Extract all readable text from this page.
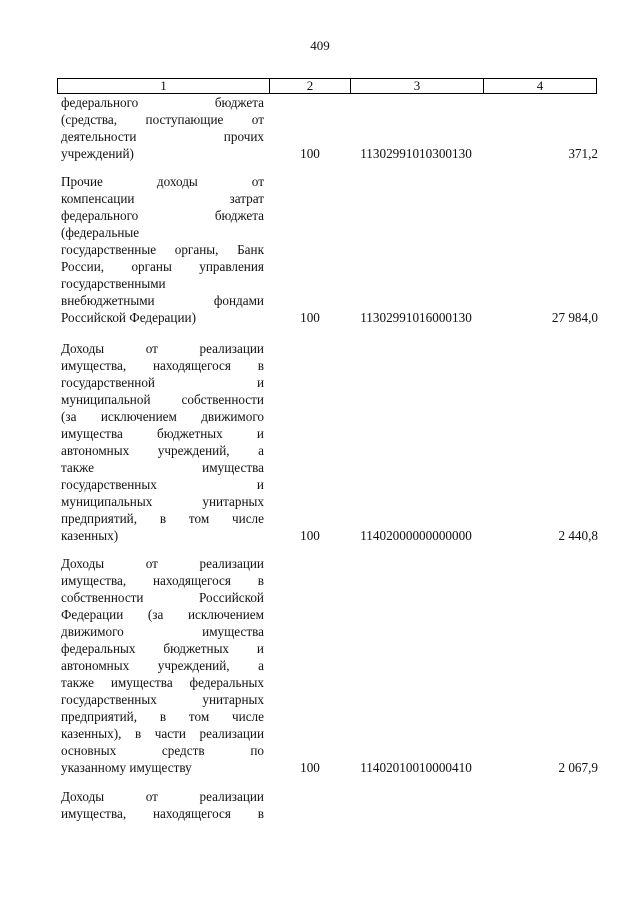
409
1	2	3	4
федерального бюджета
(средства, поступающие от
деятельности прочих
учреждений)	100	11302991010300130	371,2
Прочие доходы от
компенсации затрат
федерального бюджета
(федеральные
государственные органы, Банк
России, органы управления
государственными
внебюджетными фондами
Российской Федерации)	100	11302991016000130	27 984,0
Доходы от реализации
имущества, находящегося в
государственной и
муниципальной собственности
(за исключением движимого
имущества бюджетных и
автономных учреждений, а
также имущества
государственных и
муниципальных унитарных
предприятий, в том числе
казенных)	100	11402000000000000	2 440,8
Доходы от реализации
имущества, находящегося в
собственности Российской
Федерации (за исключением
движимого имущества
федеральных бюджетных и
автономных учреждений, а
также имущества федеральных
государственных унитарных
предприятий, в том числе
казенных), в части реализации
основных средств по
указанному имуществу	100	11402010010000410	2 067,9
Доходы от реализации
имущества, находящегося в
